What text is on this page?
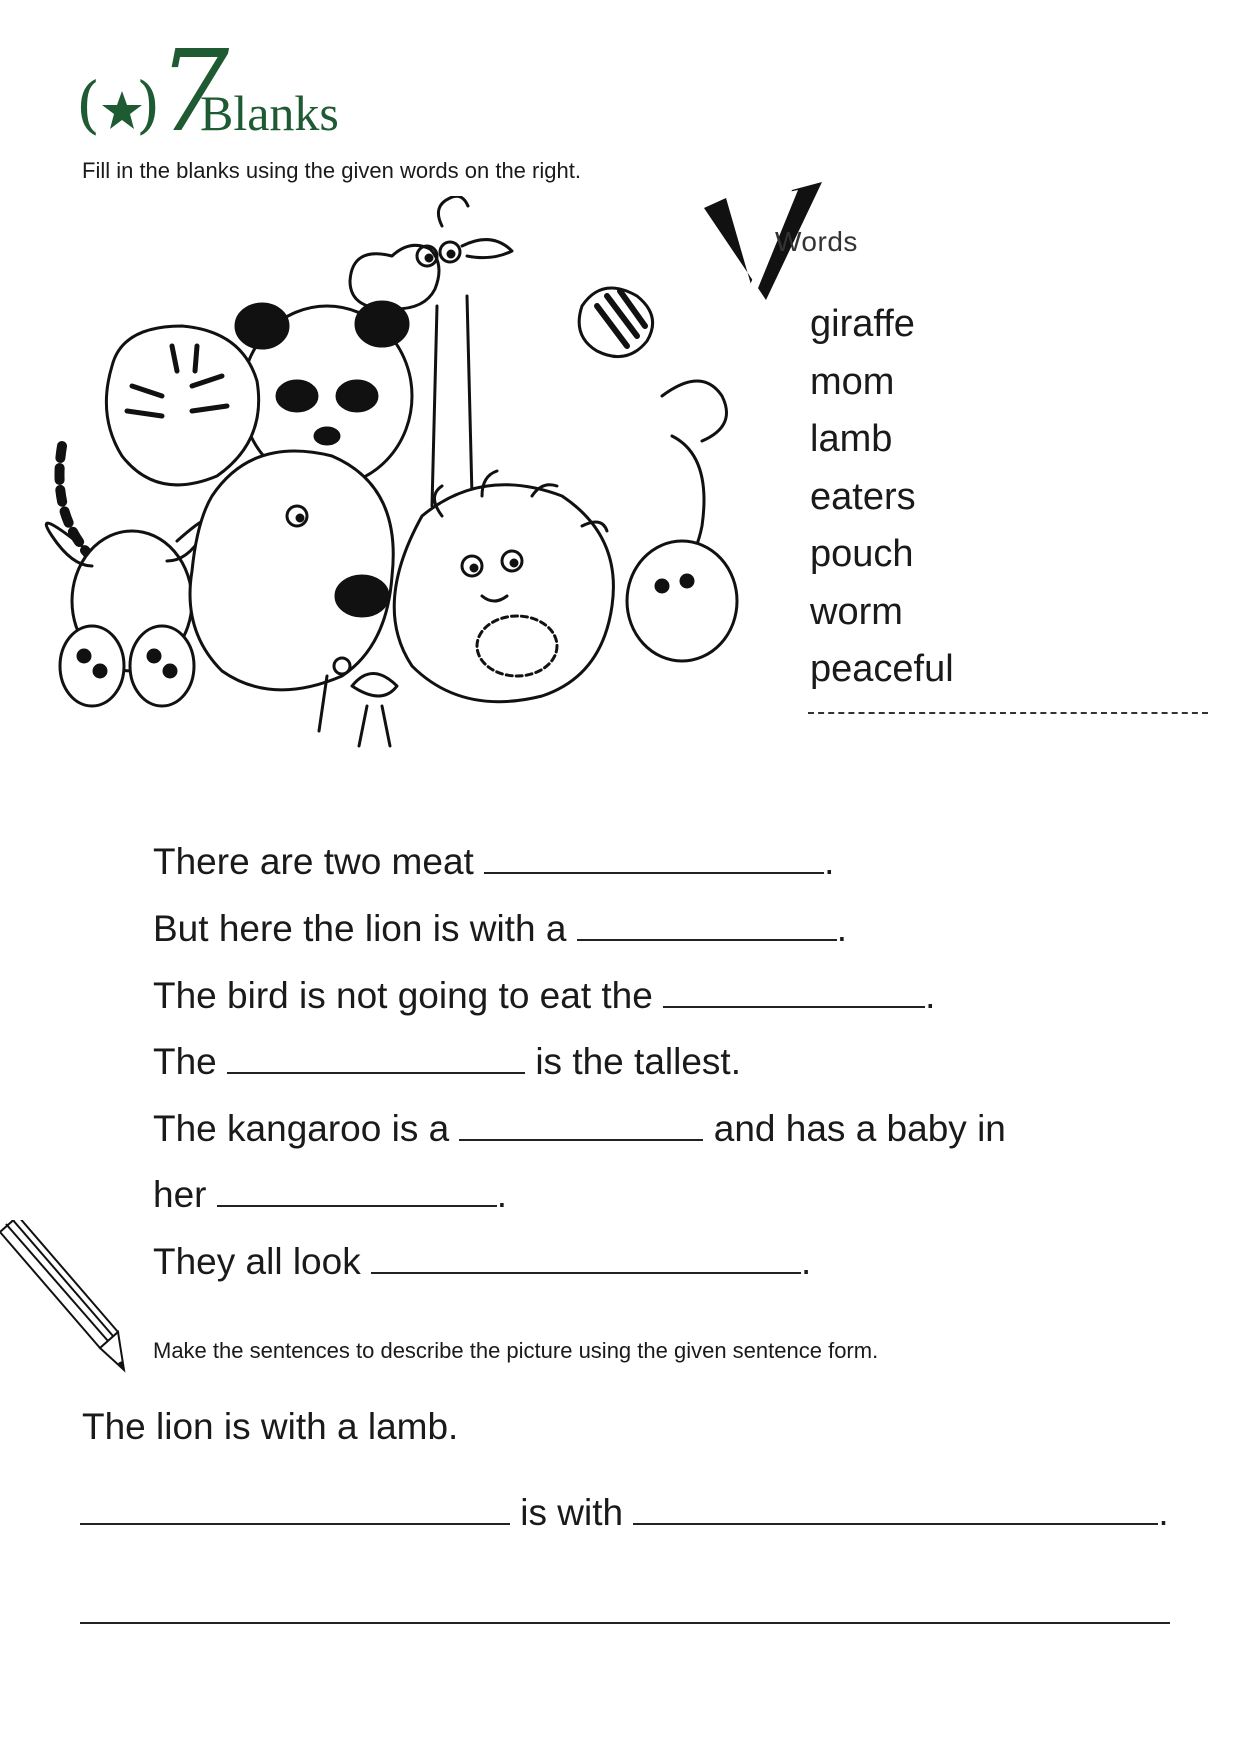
( )
7
Blanks
Fill in the blanks using the given words on the right.
Words
giraffe
mom
lamb
eaters
pouch
worm
peaceful
There are two meat	.
But here the lion is with a	.
The bird is not going to eat the	.
The	is the tallest.
The kangaroo is a	and has a baby in
her	.
They all look	.
Make the sentences to describe the picture using the given sentence form.
The lion is with a lamb.
is with	.
